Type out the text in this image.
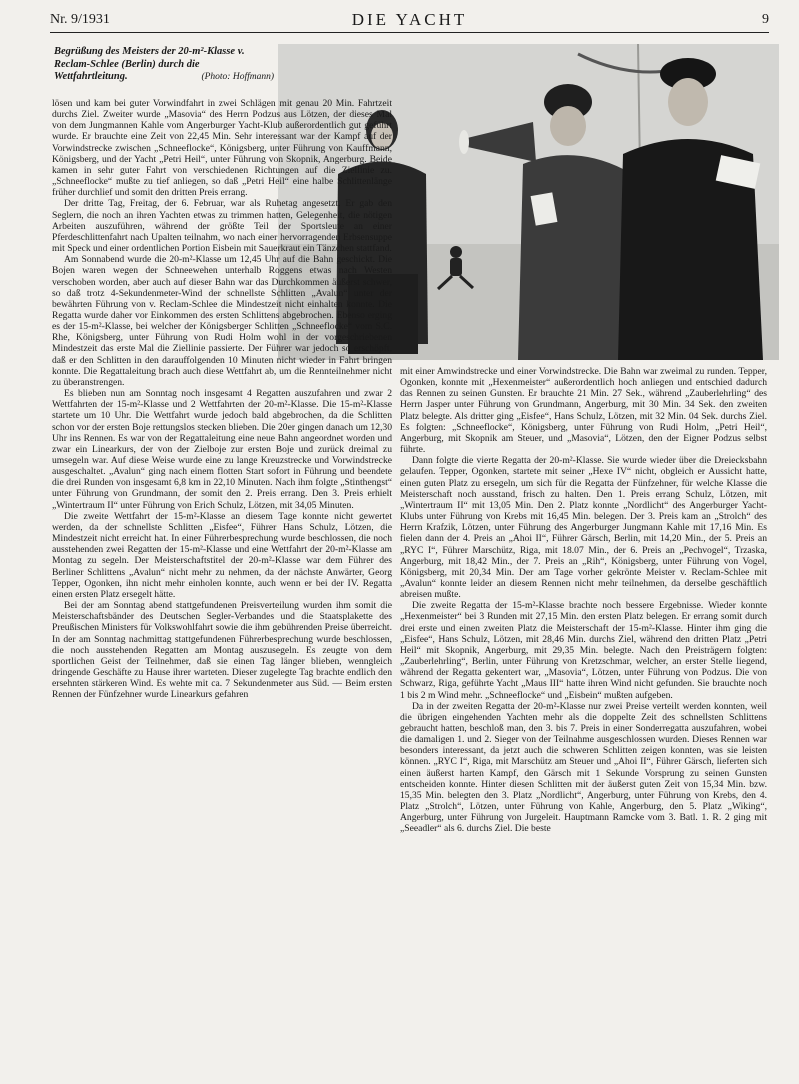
Nr. 9/1931	DIE YACHT	9
Begrüßung des Meisters der 20-m²-Klasse v. Reclam-Schlee (Berlin) durch die Wettfahrtleitung.	(Photo: Hoffmann)

lösen und kam bei guter Vorwindfahrt in zwei Schlägen mit genau 20 Min. Fahrtzeit durchs Ziel. Zweiter wurde „Masovia“ des Herrn Podzus aus Lötzen, der dieses Mal von dem Jungmannen Kahle vom Angerburger Yacht-Klub außerordentlich gut geführt wurde. Er brauchte eine Zeit von 22,45 Min. Sehr interessant war der Kampf auf der Vorwindstrecke zwischen „Schneeflocke“, Königsberg, unter Führung von Kauffmann, Königsberg, und der Yacht „Petri Heil“, unter Führung von Skopnik, Angerburg. Beide kamen in sehr guter Fahrt von verschiedenen Richtungen auf die Ziellinie zu. „Schneeflocke“ mußte zu tief anliegen, so daß „Petri Heil“ eine halbe Schlittenlänge früher durchlief und somit den dritten Preis errang.

Der dritte Tag, Freitag, der 6. Februar, war als Ruhetag angesetzt. Er gab den Seglern, die noch an ihren Yachten etwas zu trimmen hatten, Gelegenheit, die nötigen Arbeiten auszuführen, während der größte Teil der Sportsleute an einer Pferdeschlittenfahrt nach Upalten teilnahm, wo nach einer hervorragenden Erbsensuppe mit Speck und einer ordentlichen Portion Eisbein mit Sauerkraut ein Tänzchen stattfand.

Am Sonnabend wurde die 20-m²-Klasse um 12,45 Uhr auf die Bahn geschickt. Die Bojen waren wegen der Schneewehen unterhalb Roggens etwas nach Westen verschoben worden, aber auch auf dieser Bahn war das Durchkommen äußerst schwer, so daß trotz 4-Sekundenmeter-Wind der schnellste Schlitten „Avalun“ unter der bewährten Führung von v. Reclam-Schlee die Mindestzeit nicht einhalten konnte. Die Regatta wurde daher vor Einkommen des ersten Schlittens abgebrochen. Ebenso erging es der 15-m²-Klasse, bei welcher der Königsberger Schlitten „Schneeflocke“ vom S.C. Rhe, Königsberg, unter Führung von Rudi Holm wohl in der vorgeschriebenen Mindestzeit das erste Mal die Ziellinie passierte. Der Führer war jedoch so erschöpft, daß er den Schlitten in den darauffolgenden 10 Minuten nicht wieder in Fahrt bringen konnte. Die Regattaleitung brach auch diese Wettfahrt ab, um die Rennteilnehmer nicht zu überanstrengen.

Es blieben nun am Sonntag noch insgesamt 4 Regatten auszufahren und zwar 2 Wettfahrten der 15-m²-Klasse und 2 Wettfahrten der 20-m²-Klasse. Die 15-m²-Klasse startete um 10 Uhr. Die Wettfahrt wurde jedoch bald abgebrochen, da die Schlitten schon vor der ersten Boje rettungslos stecken blieben. Die 20er gingen danach um 12,30 Uhr ins Rennen. Es war von der Regattaleitung eine neue Bahn angeordnet worden und zwar ein Linearkurs, der von der Zielboje zur ersten Boje und zurück dreimal zu umsegeln war. Auf diese Weise wurde eine zu lange Kreuzstrecke und Vorwindstrecke ausgeschaltet. „Avalun“ ging nach einem flotten Start sofort in Führung und beendete die drei Runden von insgesamt 6,8 km in 22,10 Minuten. Nach ihm folgte „Stinthengst“ unter Führung von Grundmann, der somit den 2. Preis errang. Den 3. Preis erhielt „Wintertraum II“ unter Führung von Erich Schulz, Lötzen, mit 34,05 Minuten.

Die zweite Wettfahrt der 15-m²-Klasse an diesem Tage konnte nicht gewertet werden, da der schnellste Schlitten „Eisfee“, Führer Hans Schulz, Lötzen, die Mindestzeit nicht erreicht hat. In einer Führerbesprechung wurde beschlossen, die noch ausstehenden zwei Regatten der 15-m²-Klasse und eine Wettfahrt der 20-m²-Klasse am Montag zu segeln. Der Meisterschaftstitel der 20-m²-Klasse war dem Führer des Berliner Schlittens „Avalun“ nicht mehr zu nehmen, da der nächste Anwärter, Georg Tepper, Ogonken, ihn nicht mehr einholen konnte, auch wenn er bei der IV. Regatta einen ersten Platz ersegelt hätte.

Bei der am Sonntag abend stattgefundenen Preisverteilung wurden ihm somit die Meisterschaftsbänder des Deutschen Segler-Verbandes und die Staatsplakette des Preußischen Ministers für Volkswohlfahrt sowie die ihm gebührenden Preise überreicht. In der am Sonntag nachmittag stattgefundenen Führerbesprechung wurde beschlossen, die noch ausstehenden Regatten am Montag auszusegeln. Es zeugte von dem sportlichen Geist der Teilnehmer, daß sie einen Tag länger blieben, wenngleich dringende Geschäfte zu Hause ihrer warteten. Dieser zugelegte Tag brachte endlich den ersehnten stärkeren Wind. Es wehte mit ca. 7 Sekundenmeter aus Süd. — Beim ersten Rennen der Fünfzehner wurde Linearkurs gefahren

mit einer Amwindstrecke und einer Vorwindstrecke. Die Bahn war zweimal zu runden. Tepper, Ogonken, konnte mit „Hexenmeister“ außerordentlich hoch anliegen und entschied dadurch das Rennen zu seinen Gunsten. Er brauchte 21 Min. 27 Sek., während „Zauberlehrling“ des Herrn Jasper unter Führung von Grundmann, Angerburg, mit 30 Min. 34 Sek. den zweiten Platz belegte. Als dritter ging „Eisfee“, Hans Schulz, Lötzen, mit 32 Min. 04 Sek. durchs Ziel. Es folgten: „Schneeflocke“, Königsberg, unter Führung von Rudi Holm, „Petri Heil“, Angerburg, mit Skopnik am Steuer, und „Masovia“, Lötzen, den der Eigner Podzus selbst führte.

Dann folgte die vierte Regatta der 20-m²-Klasse. Sie wurde wieder über die Dreiecksbahn gelaufen. Tepper, Ogonken, startete mit seiner „Hexe IV“ nicht, obgleich er Aussicht hatte, einen guten Platz zu ersegeln, um sich für die Regatta der Fünfzehner, für welche Klasse die Meisterschaft noch ausstand, frisch zu halten. Den 1. Preis errang Schulz, Lötzen, mit „Wintertraum II“ mit 13,05 Min. Den 2. Platz konnte „Nordlicht“ des Angerburger Yacht-Klubs unter Führung von Krebs mit 16,45 Min. belegen. Der 3. Preis kam an „Strolch“ des Herrn Krafzik, Lötzen, unter Führung des Angerburger Jungmann Kahle mit 17,16 Min. Es fielen dann der 4. Preis an „Ahoi II“, Führer Gärsch, Berlin, mit 14,20 Min., der 5. Preis an „RYC I“, Führer Marschütz, Riga, mit 18.07 Min., der 6. Preis an „Pechvogel“, Trzaska, Angerburg, mit 18,42 Min., der 7. Preis an „Rih“, Königsberg, unter Führung von Vogel, Königsberg, mit 20,34 Min. Der am Tage vorher gekrönte Meister v. Reclam-Schlee mit „Avalun“ konnte leider an diesem Rennen nicht mehr teilnehmen, da derselbe geschäftlich abreisen mußte.

Die zweite Regatta der 15-m²-Klasse brachte noch bessere Ergebnisse. Wieder konnte „Hexenmeister“ bei 3 Runden mit 27,15 Min. den ersten Platz belegen. Er errang somit durch drei erste und einen zweiten Platz die Meisterschaft der 15-m²-Klasse. Hinter ihm ging die „Eisfee“, Hans Schulz, Lötzen, mit 28,46 Min. durchs Ziel, während den dritten Platz „Petri Heil“ mit Skopnik, Angerburg, mit 29,35 Min. belegte. Nach den Preisträgern folgten: „Zauberlehrling“, Berlin, unter Führung von Kretzschmar, welcher, an erster Stelle liegend, während der Regatta gekentert war, „Masovia“, Lötzen, unter Führung von Podzus. Die von Schwarz, Riga, geführte Yacht „Maus III“ hatte ihren Wind nicht gefunden. Sie brauchte noch 1 bis 2 m Wind mehr. „Schneeflocke“ und „Eisbein“ mußten aufgeben.

Da in der zweiten Regatta der 20-m²-Klasse nur zwei Preise verteilt werden konnten, weil die übrigen eingehenden Yachten mehr als die doppelte Zeit des schnellsten Schlittens gebraucht hatten, beschloß man, den 3. bis 7. Preis in einer Sonderregatta auszufahren, wobei die damaligen 1. und 2. Sieger von der Teilnahme ausgeschlossen wurden. Dieses Rennen war besonders interessant, da jetzt auch die schweren Schlitten zeigen konnten, was sie leisten können. „RYC I“, Riga, mit Marschütz am Steuer und „Ahoi II“, Führer Gärsch, lieferten sich einen äußerst harten Kampf, den Gärsch mit 1 Sekunde Vorsprung zu seinen Gunsten entscheiden konnte. Hinter diesen Schlitten mit der äußerst guten Zeit von 15,34 Min. bzw. 15,35 Min. belegten den 3. Platz „Nordlicht“, Angerburg, unter Führung von Krebs, den 4. Platz „Strolch“, Lötzen, unter Führung von Kahle, Angerburg, den 5. Platz „Wiking“, Angerburg, unter Führung von Jurgeleit. Hauptmann Ramcke vom 3. Batl. 1. R. 2 ging mit „Seeadler“ als 6. durchs Ziel. Die beste
